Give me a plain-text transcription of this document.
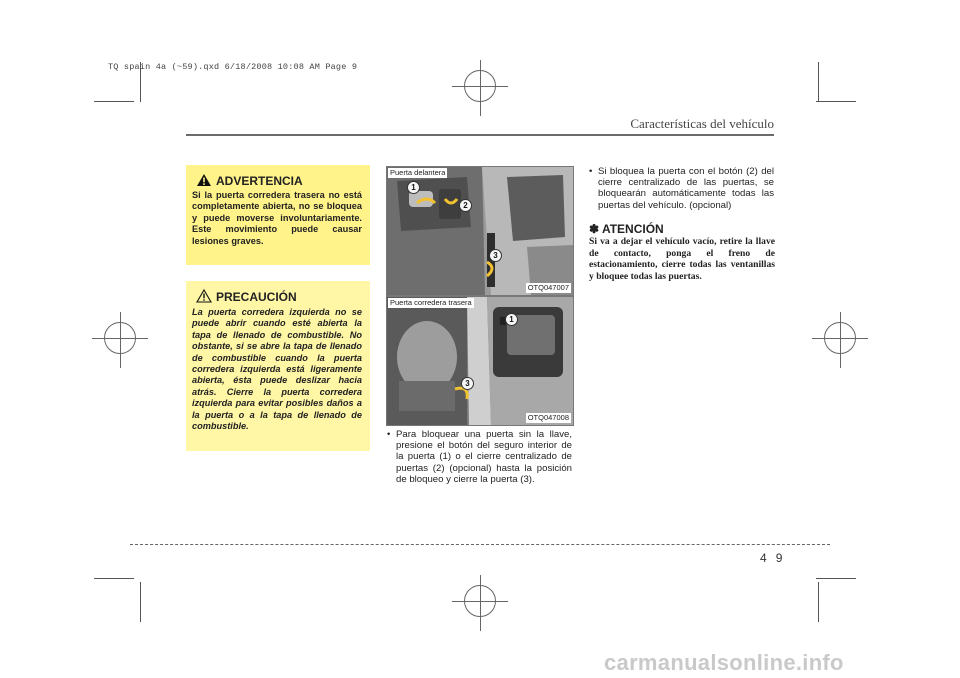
TQ spain 4a (~59).qxd 6/18/2008 10:08 AM Page 9
Características del vehículo
ADVERTENCIA
Si la puerta corredera trasera no está completamente abierta, no se bloquea y puede moverse involuntariamente. Este movimiento puede causar lesiones graves.
PRECAUCIÓN
La puerta corredera izquierda no se puede abrir cuando esté abierta la tapa de llenado de combustible. No obstante, si se abre la tapa de llenado de combustible cuando la puerta corredera izquierda está ligeramente abierta, ésta puede deslizar hacia atrás. Cierre la puerta corredera izquierda para evitar posibles daños a la puerta o a la tapa de llenado de combustible.
Puerta delantera
1
2
3
OTQ047007
Puerta corredera trasera
1
3
OTQ047008
• Para bloquear una puerta sin la llave, presione el botón del seguro interior de la puerta (1) o el cierre centralizado de puertas (2) (opcional) hasta la posición de bloqueo y cierre la puerta (3).
• Si bloquea la puerta con el botón (2) del cierre centralizado de las puertas, se bloquearán automáticamente todas las puertas del vehículo. (opcional)
✽ ATENCIÓN
Si va a dejar el vehículo vacío, retire la llave de contacto, ponga el freno de estacionamiento, cierre todas las ventanillas y bloquee todas las puertas.
49
carmanualsonline.info
